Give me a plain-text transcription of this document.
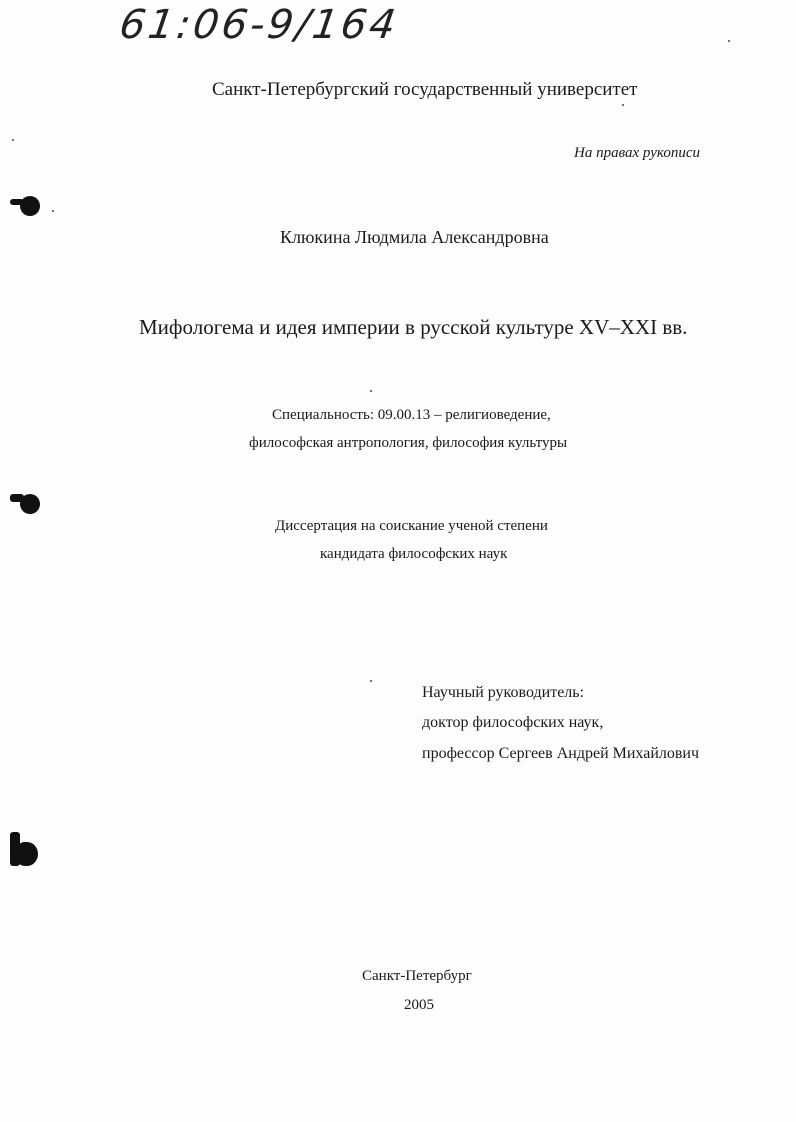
61:06-9/164
Санкт-Петербургский государственный университет
На правах рукописи
Клюкина Людмила Александровна
Мифологема и идея империи в русской культуре XV–XXI вв.
Специальность: 09.00.13 – религиоведение,
философская антропология, философия культуры
Диссертация на соискание ученой степени
кандидата философских наук
Научный руководитель:
доктор философских наук,
профессор Сергеев Андрей Михайлович
Санкт-Петербург
2005
